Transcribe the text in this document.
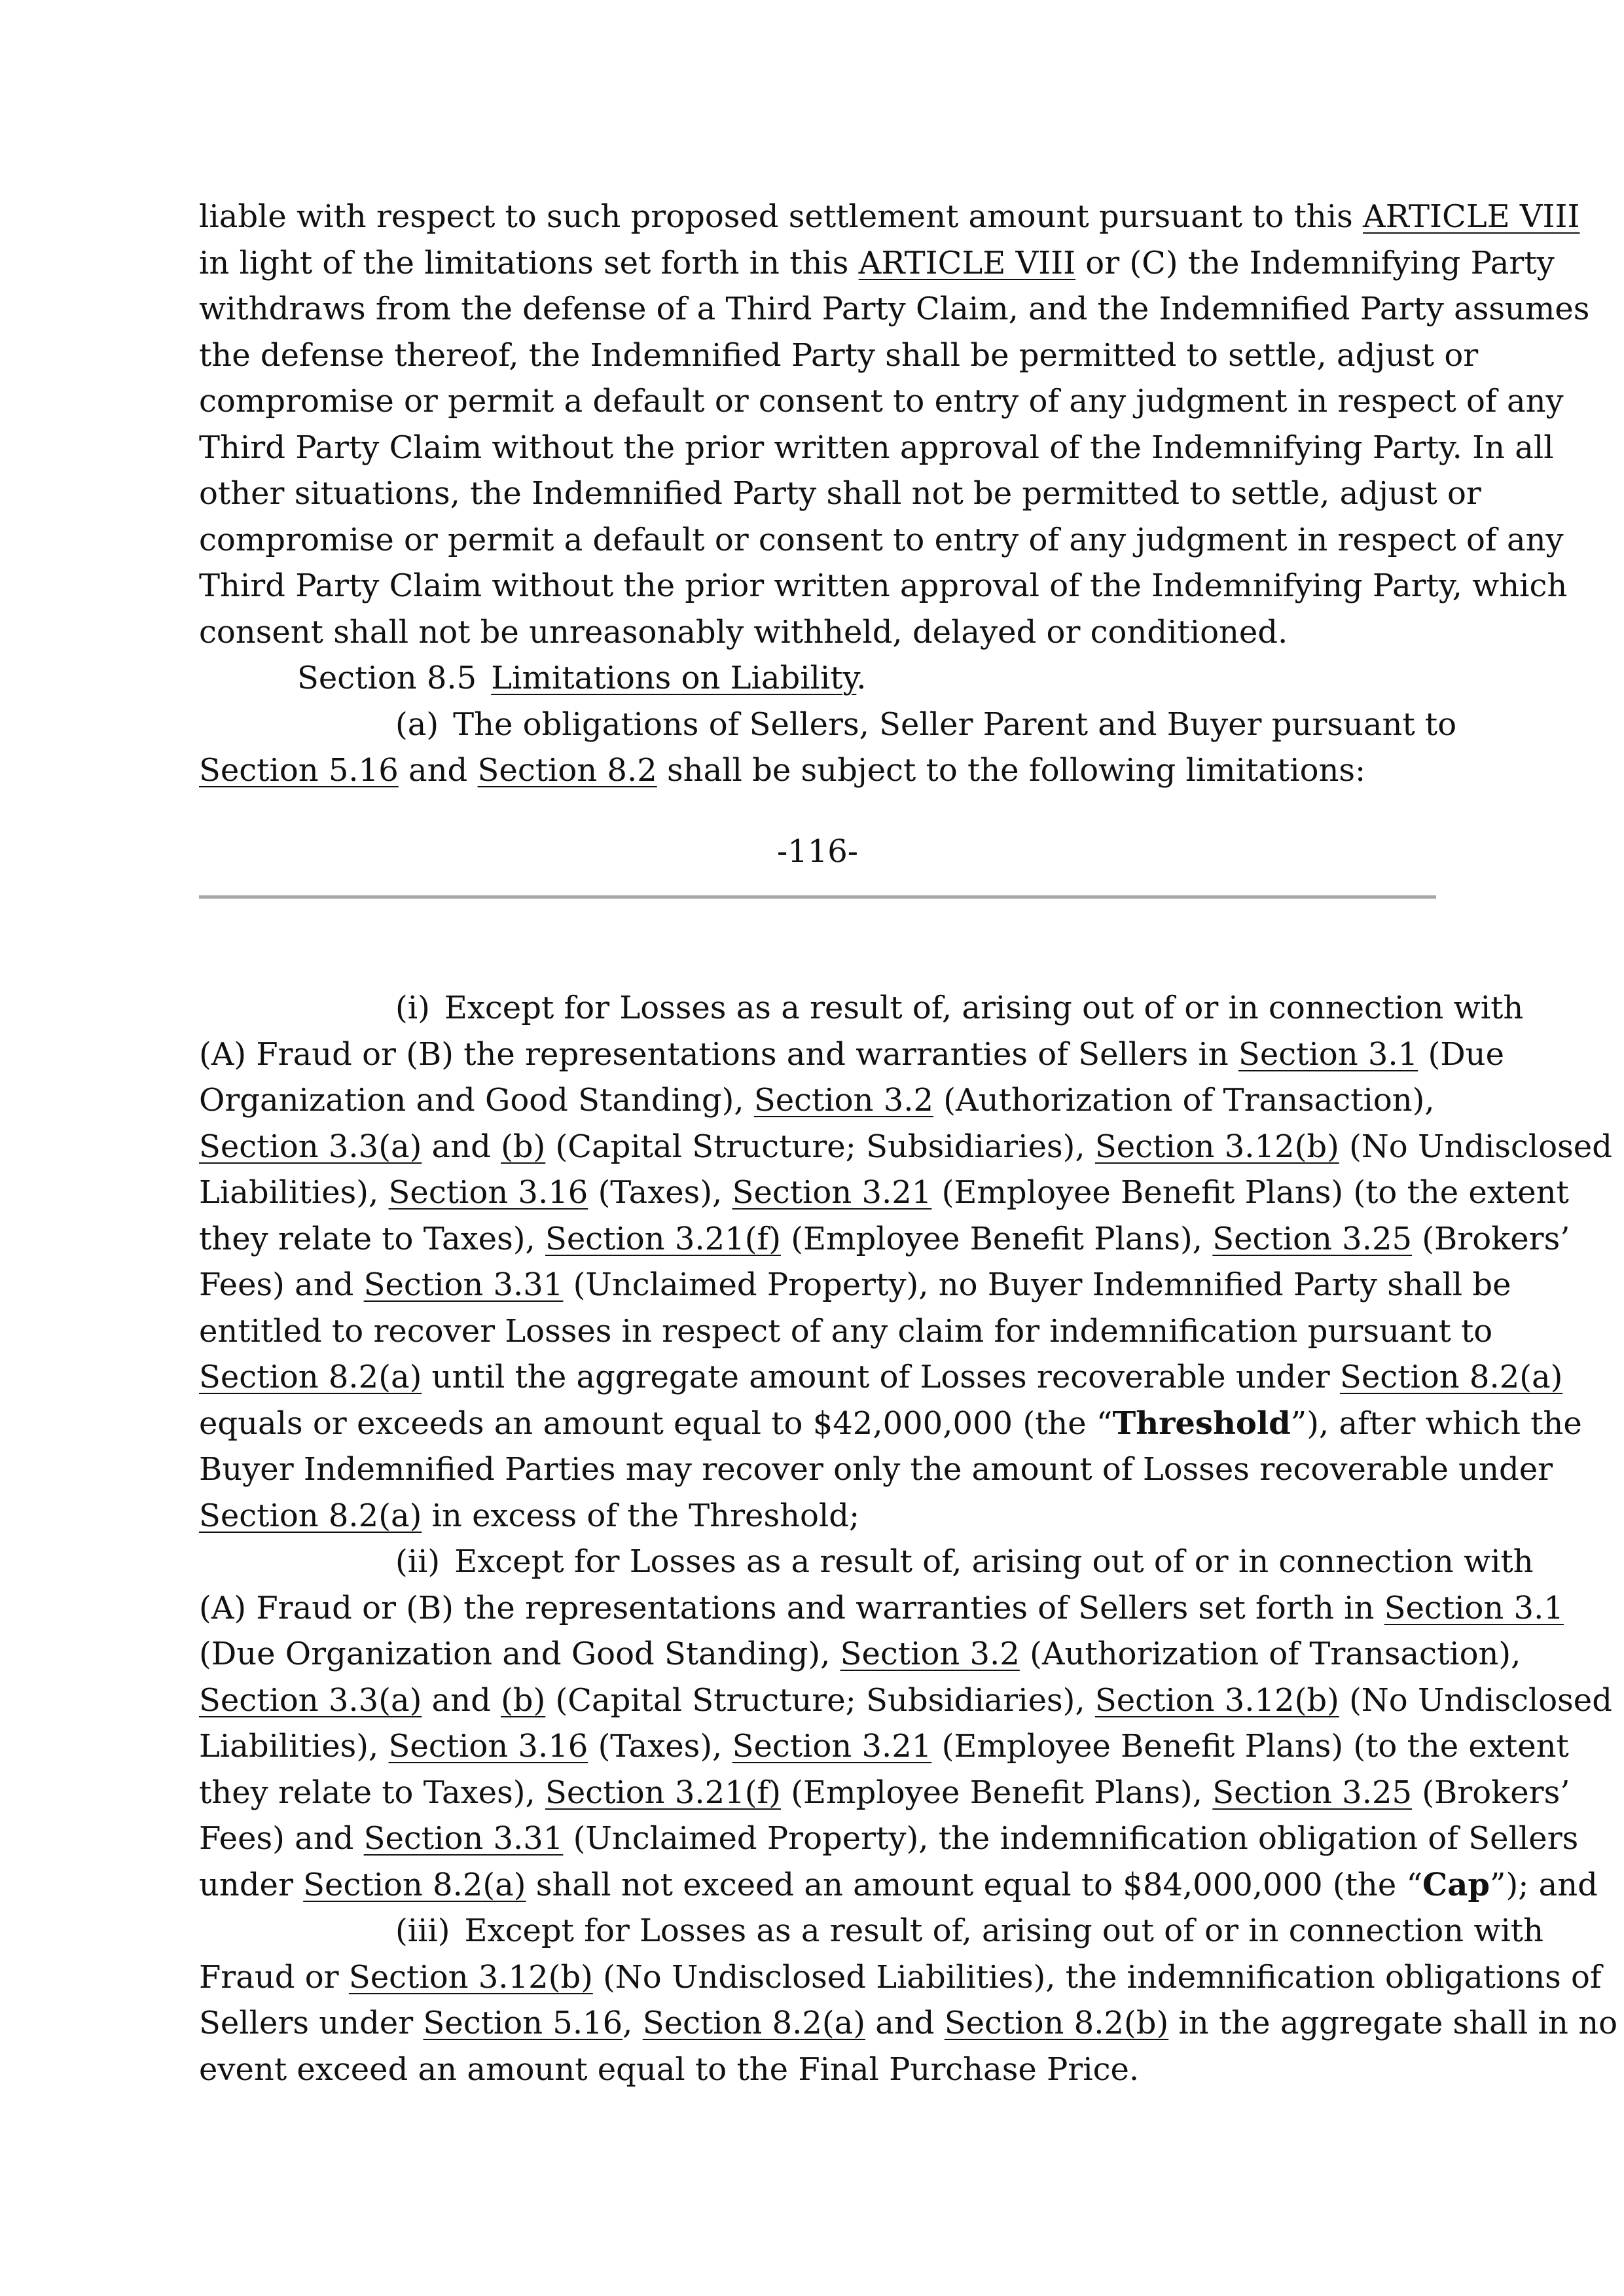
liable with respect to such proposed settlement amount pursuant to this ARTICLE VIII
in light of the limitations set forth in this ARTICLE VIII or (C) the Indemnifying Party
withdraws from the defense of a Third Party Claim, and the Indemnified Party assumes
the defense thereof, the Indemnified Party shall be permitted to settle, adjust or
compromise or permit a default or consent to entry of any judgment in respect of any
Third Party Claim without the prior written approval of the Indemnifying Party. In all
other situations, the Indemnified Party shall not be permitted to settle, adjust or
compromise or permit a default or consent to entry of any judgment in respect of any
Third Party Claim without the prior written approval of the Indemnifying Party, which
consent shall not be unreasonably withheld, delayed or conditioned.
Section 8.5 Limitations on Liability.
(a) The obligations of Sellers, Seller Parent and Buyer pursuant to
Section 5.16 and Section 8.2 shall be subject to the following limitations:
-116-
(i) Except for Losses as a result of, arising out of or in connection with
(A) Fraud or (B) the representations and warranties of Sellers in Section 3.1 (Due
Organization and Good Standing), Section 3.2 (Authorization of Transaction),
Section 3.3(a) and (b) (Capital Structure; Subsidiaries), Section 3.12(b) (No Undisclosed
Liabilities), Section 3.16 (Taxes), Section 3.21 (Employee Benefit Plans) (to the extent
they relate to Taxes), Section 3.21(f) (Employee Benefit Plans), Section 3.25 (Brokers’
Fees) and Section 3.31 (Unclaimed Property), no Buyer Indemnified Party shall be
entitled to recover Losses in respect of any claim for indemnification pursuant to
Section 8.2(a) until the aggregate amount of Losses recoverable under Section 8.2(a)
equals or exceeds an amount equal to $42,000,000 (the “Threshold”), after which the
Buyer Indemnified Parties may recover only the amount of Losses recoverable under
Section 8.2(a) in excess of the Threshold;
(ii) Except for Losses as a result of, arising out of or in connection with
(A) Fraud or (B) the representations and warranties of Sellers set forth in Section 3.1
(Due Organization and Good Standing), Section 3.2 (Authorization of Transaction),
Section 3.3(a) and (b) (Capital Structure; Subsidiaries), Section 3.12(b) (No Undisclosed
Liabilities), Section 3.16 (Taxes), Section 3.21 (Employee Benefit Plans) (to the extent
they relate to Taxes), Section 3.21(f) (Employee Benefit Plans), Section 3.25 (Brokers’
Fees) and Section 3.31 (Unclaimed Property), the indemnification obligation of Sellers
under Section 8.2(a) shall not exceed an amount equal to $84,000,000 (the “Cap”); and
(iii) Except for Losses as a result of, arising out of or in connection with
Fraud or Section 3.12(b) (No Undisclosed Liabilities), the indemnification obligations of
Sellers under Section 5.16, Section 8.2(a) and Section 8.2(b) in the aggregate shall in no
event exceed an amount equal to the Final Purchase Price.
